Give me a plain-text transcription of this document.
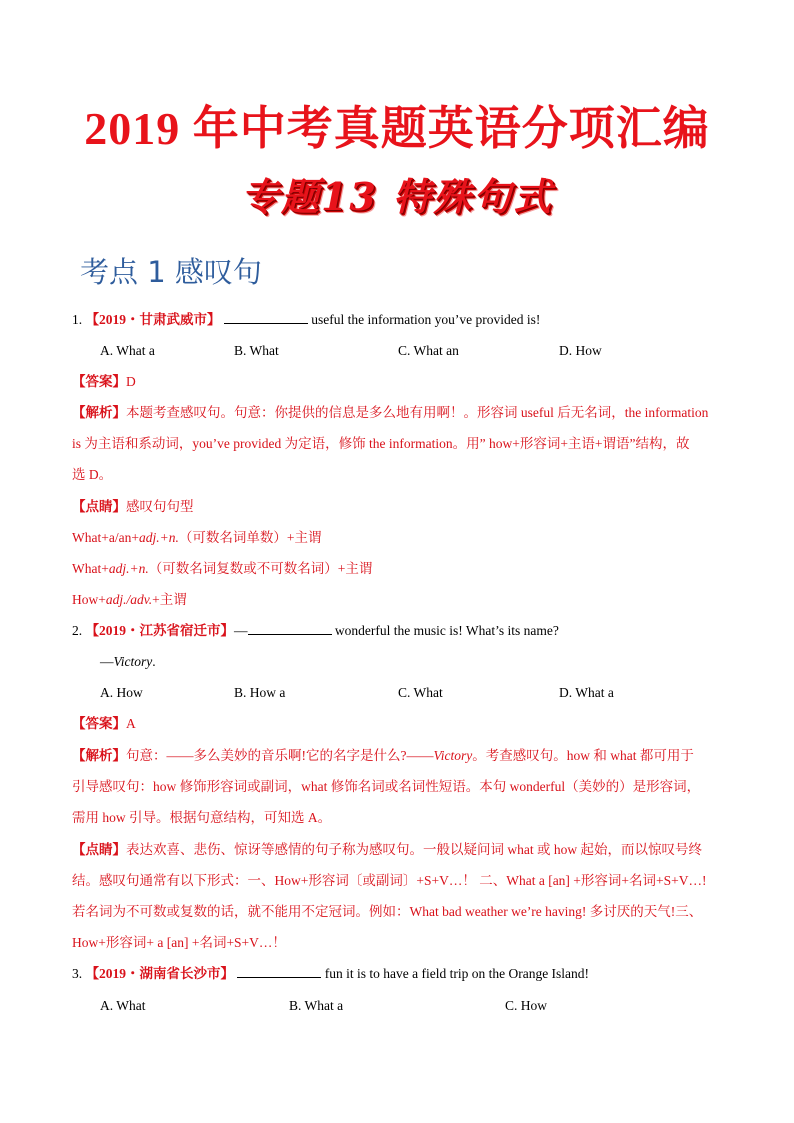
2019 年中考真题英语分项汇编
专题13 特殊句式
考点 1 感叹句
1. 【2019・甘肃武威市】	useful the information you’ve provided is!
A. What a	B. What	C. What an	D. How
【答案】D
【解析】本题考查感叹句。句意：你提供的信息是多么地有用啊！。形容词 useful 后无名词，the information
is 为主语和系动词，you’ve provided 为定语，修饰 the information。用” how+形容词+主语+谓语”结构，故
选 D。
【点睛】感叹句句型
What+a/an+adj.+n.（可数名词单数）+主谓
What+adj.+n.（可数名词复数或不可数名词）+主谓
How+adj./adv.+主谓
2. 【2019・江苏省宿迁市】—	wonderful the music is! What’s its name?
—Victory.
A. How	B. How a	C. What	D. What a
【答案】A
【解析】句意：——多么美妙的音乐啊!它的名字是什么?——Victory。考查感叹句。how 和 what 都可用于
引导感叹句：how 修饰形容词或副词，what 修饰名词或名词性短语。本句 wonderful（美妙的）是形容词，
需用 how 引导。根据句意结构，可知选 A。
【点睛】表达欢喜、悲伤、惊讶等感情的句子称为感叹句。一般以疑问词 what 或 how 起始，而以惊叹号终
结。感叹句通常有以下形式：一、How+形容词〔或副词〕+S+V…！ 二、What a [an] +形容词+名词+S+V…!
若名词为不可数或复数的话，就不能用不定冠词。例如：What bad weather we’re having! 多讨厌的天气!三、
How+形容词+ a [an] +名词+S+V…！
3. 【2019・湖南省长沙市】	fun it is to have a field trip on the Orange Island!
A. What	B. What a	C. How
